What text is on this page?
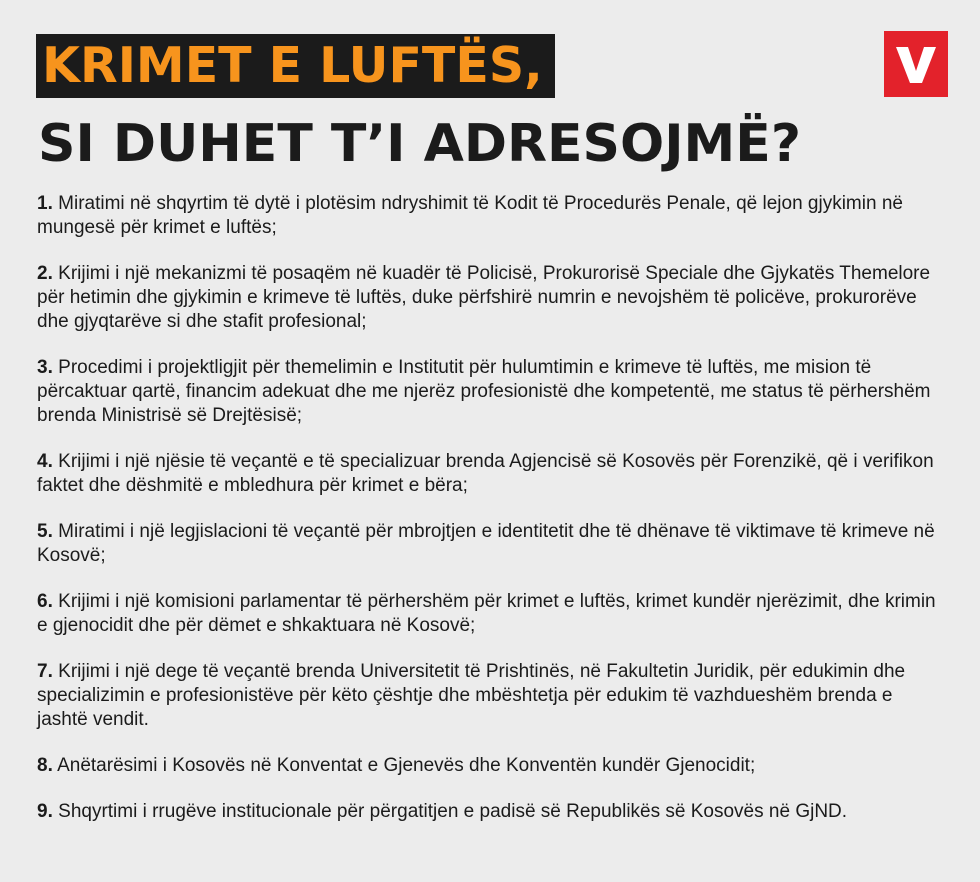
KRIMET E LUFTËS,
SI DUHET T’I ADRESOJMË?
1. Miratimi në shqyrtim të dytë i plotësim ndryshimit të Kodit të Procedurës Penale, që lejon gjykimin në mungesë për krimet e luftës;
2. Krijimi i një mekanizmi të posaqëm në kuadër të Policisë, Prokurorisë Speciale dhe Gjykatës Themelore për hetimin dhe gjykimin e krimeve të luftës, duke përfshirë numrin e nevojshëm të policëve, prokurorëve dhe gjyqtarëve si dhe stafit profesional;
3. Procedimi i projektligjit për themelimin e Institutit për hulumtimin e krimeve të luftës, me mision të përcaktuar qartë, financim adekuat dhe me njerëz profesionistë dhe kompetentë, me status të përhershëm brenda Ministrisë së Drejtësisë;
4. Krijimi i një njësie të veçantë e të specializuar brenda Agjencisë së Kosovës për Forenzikë, që i verifikon faktet dhe dëshmitë e mbledhura për krimet e bëra;
5. Miratimi i një legjislacioni të veçantë për mbrojtjen e identitetit dhe të dhënave të viktimave të krimeve në Kosovë;
6. Krijimi i një komisioni parlamentar të përhershëm për krimet e luftës, krimet kundër njerëzimit, dhe krimin e gjenocidit dhe për dëmet e shkaktuara në Kosovë;
7. Krijimi i një dege të veçantë brenda Universitetit të Prishtinës, në Fakultetin Juridik, për edukimin dhe specializimin e profesionistëve për këto çështje dhe mbështetja për edukim të vazhdueshëm brenda e jashtë vendit.
8. Anëtarësimi i Kosovës në Konventat e Gjenevës dhe Konventën kundër Gjenocidit;
9. Shqyrtimi i rrugëve institucionale për përgatitjen e padisë së Republikës së Kosovës në GjND.
